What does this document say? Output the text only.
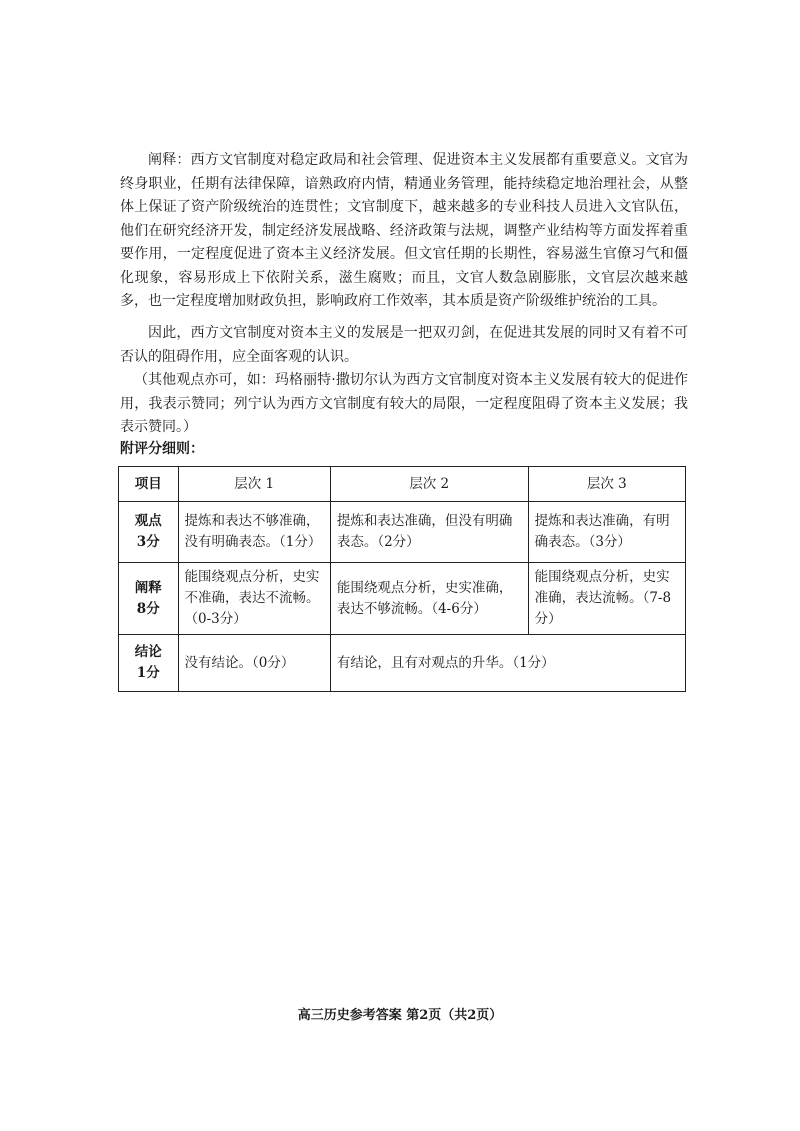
阐释：西方文官制度对稳定政局和社会管理、促进资本主义发展都有重要意义。文官为终身职业，任期有法律保障，谙熟政府内情，精通业务管理，能持续稳定地治理社会，从整体上保证了资产阶级统治的连贯性；文官制度下，越来越多的专业科技人员进入文官队伍，他们在研究经济开发，制定经济发展战略、经济政策与法规，调整产业结构等方面发挥着重要作用，一定程度促进了资本主义经济发展。但文官任期的长期性，容易滋生官僚习气和僵化现象，容易形成上下依附关系，滋生腐败；而且，文官人数急剧膨胀，文官层次越来越多，也一定程度增加财政负担，影响政府工作效率，其本质是资产阶级维护统治的工具。

因此，西方文官制度对资本主义的发展是一把双刃剑，在促进其发展的同时又有着不可否认的阻碍作用，应全面客观的认识。

（其他观点亦可，如：玛格丽特·撒切尔认为西方文官制度对资本主义发展有较大的促进作用，我表示赞同；列宁认为西方文官制度有较大的局限，一定程度阻碍了资本主义发展；我表示赞同。）

附评分细则：
项目	层次 1	层次 2	层次 3
观点
3分	提炼和表达不够准确，没有明确表态。（1分）	提炼和表达准确，但没有明确表态。（2分）	提炼和表达准确，有明确表态。（3分）
阐释
8分	能围绕观点分析，史实不准确，表达不流畅。（0-3分）	能围绕观点分析，史实准确，表达不够流畅。（4-6分）	能围绕观点分析，史实准确，表达流畅。（7-8分）
结论
1分	没有结论。（0分）	有结论，且有对观点的升华。（1分）	
高三历史参考答案 第2页（共2页）
